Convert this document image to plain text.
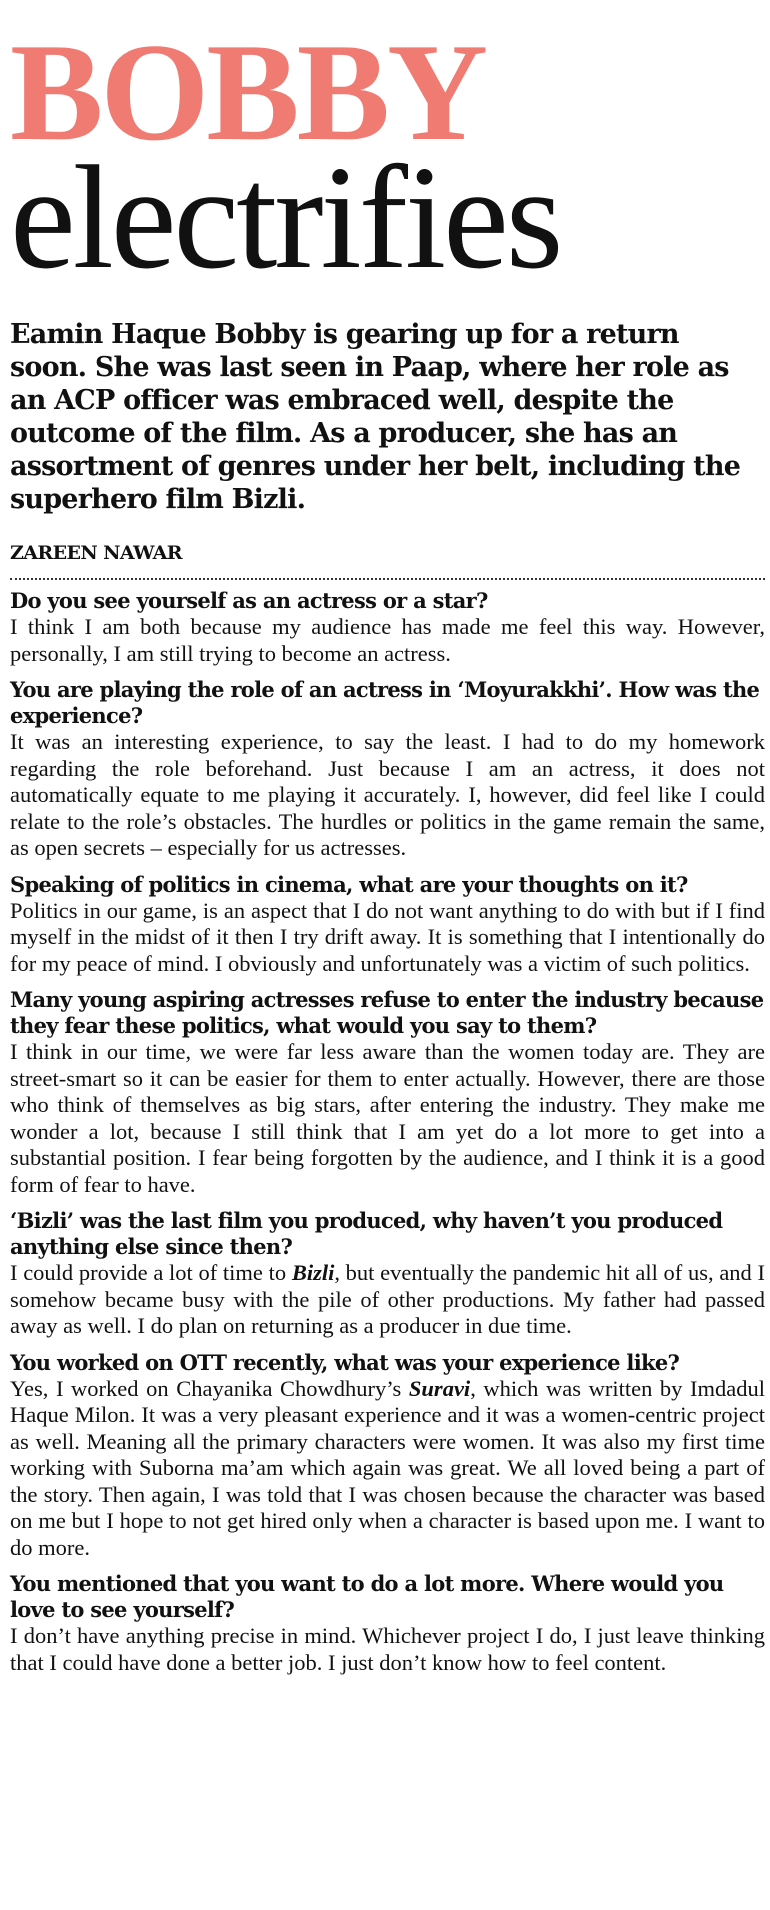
BOBBY
electrifies

Eamin Haque Bobby is gearing up for a return soon. She was last seen in Paap, where her role as an ACP officer was embraced well, despite the outcome of the film. As a producer, she has an assortment of genres under her belt, including the superhero film Bizli.

ZAREEN NAWAR

Do you see yourself as an actress or a star?

I think I am both because my audience has made me feel this way. However, personally, I am still trying to become an actress.

You are playing the role of an actress in ‘Moyurakkhi’. How was the experience?

It was an interesting experience, to say the least. I had to do my homework regarding the role beforehand. Just because I am an actress, it does not automatically equate to me playing it accurately. I, however, did feel like I could relate to the role’s obstacles. The hurdles or politics in the game remain the same, as open secrets – especially for us actresses.

Speaking of politics in cinema, what are your thoughts on it?

Politics in our game, is an aspect that I do not want anything to do with but if I find myself in the midst of it then I try drift away. It is something that I intentionally do for my peace of mind. I obviously and unfortunately was a victim of such politics.

Many young aspiring actresses refuse to enter the industry because they fear these politics, what would you say to them?

I think in our time, we were far less aware than the women today are. They are street-smart so it can be easier for them to enter actually. However, there are those who think of themselves as big stars, after entering the industry. They make me wonder a lot, because I still think that I am yet do a lot more to get into a substantial position. I fear being forgotten by the audience, and I think it is a good form of fear to have.

‘Bizli’ was the last film you produced, why haven’t you produced anything else since then?

I could provide a lot of time to Bizli, but eventually the pandemic hit all of us, and I somehow became busy with the pile of other productions. My father had passed away as well. I do plan on returning as a producer in due time.

You worked on OTT recently, what was your experience like?

Yes, I worked on Chayanika Chowdhury’s Suravi, which was written by Imdadul Haque Milon. It was a very pleasant experience and it was a women-centric project as well. Meaning all the primary characters were women. It was also my first time working with Suborna ma’am which again was great. We all loved being a part of the story. Then again, I was told that I was chosen because the character was based on me but I hope to not get hired only when a character is based upon me. I want to do more.

You mentioned that you want to do a lot more. Where would you love to see yourself?

I don’t have anything precise in mind. Whichever project I do, I just leave thinking that I could have done a better job. I just don’t know how to feel content.
